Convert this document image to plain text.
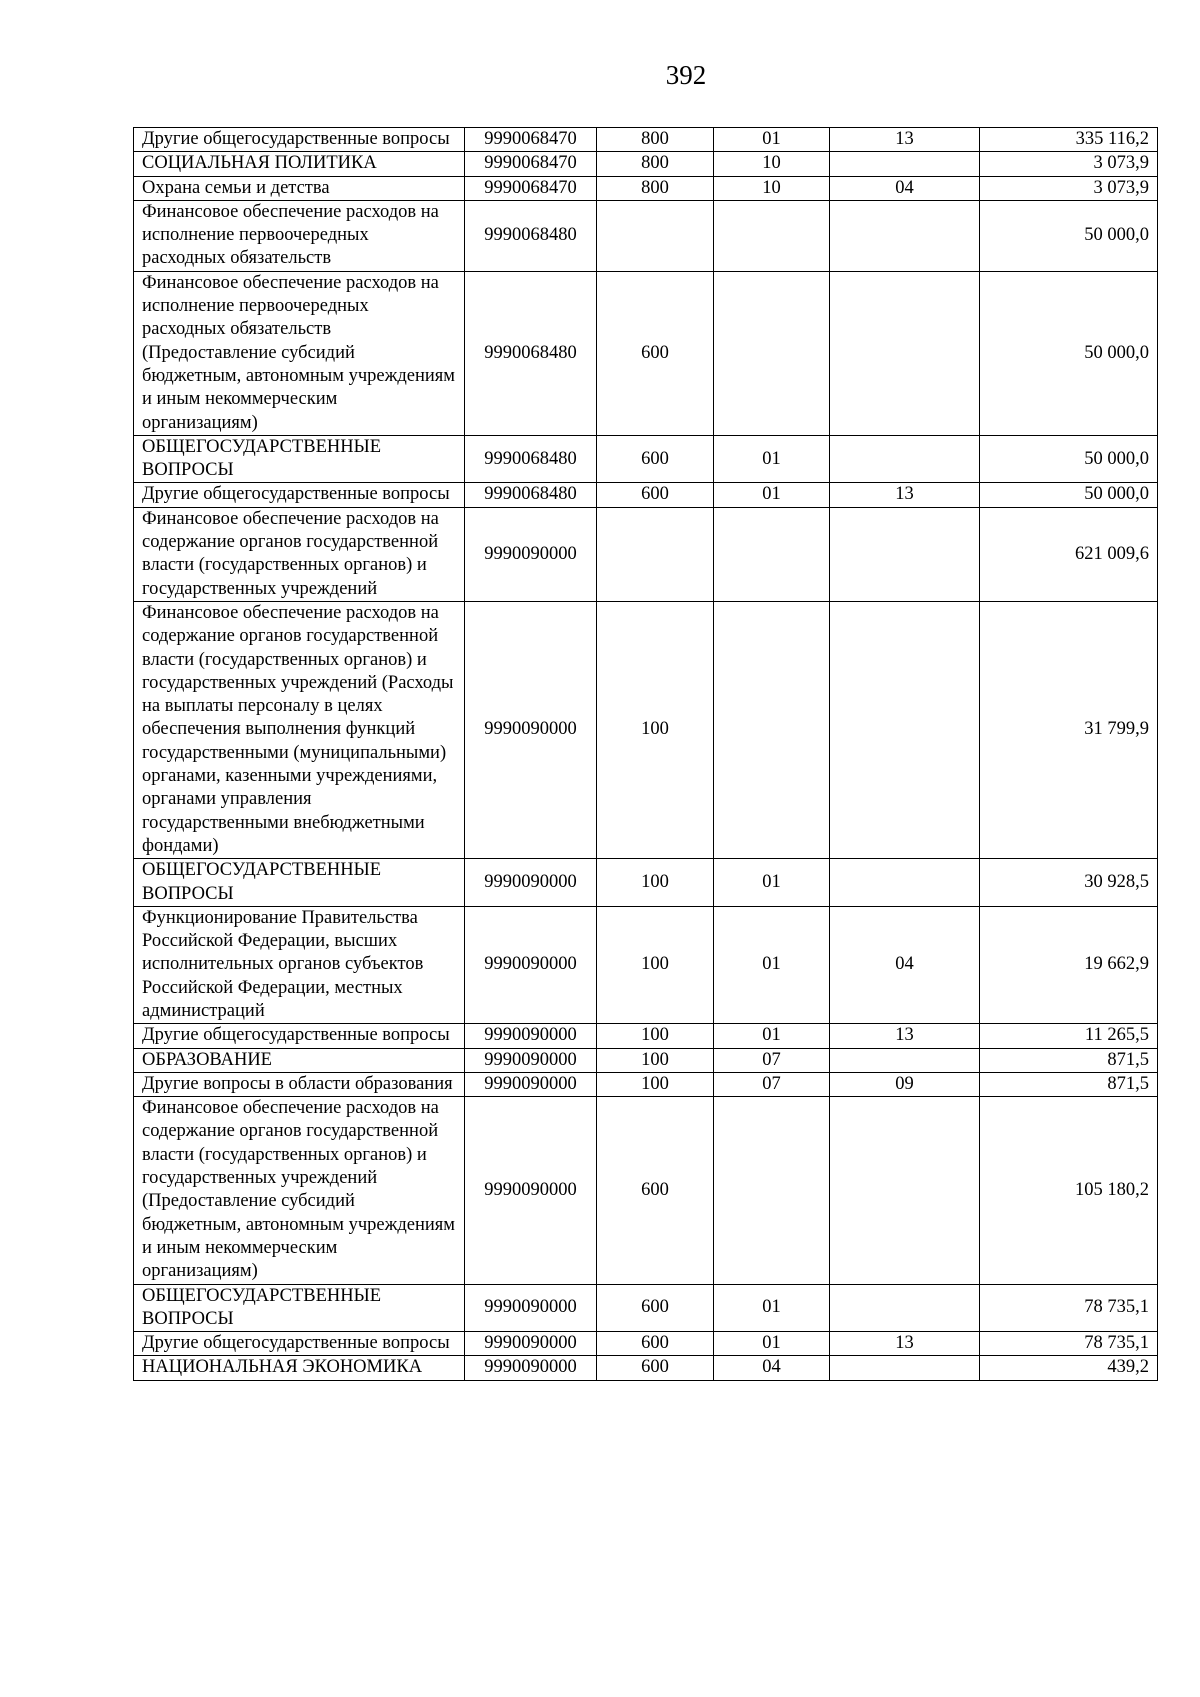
392
Другие общегосударственные вопросы	9990068470	800	01	13	335 116,2
СОЦИАЛЬНАЯ ПОЛИТИКА	9990068470	800	10		3 073,9
Охрана семьи и детства	9990068470	800	10	04	3 073,9
Финансовое обеспечение расходов на исполнение первоочередных расходных обязательств	9990068480				50 000,0
Финансовое обеспечение расходов на исполнение первоочередных расходных обязательств (Предоставление субсидий бюджетным, автономным учреждениям и иным некоммерческим организациям)	9990068480	600			50 000,0
ОБЩЕГОСУДАРСТВЕННЫЕ ВОПРОСЫ	9990068480	600	01		50 000,0
Другие общегосударственные вопросы	9990068480	600	01	13	50 000,0
Финансовое обеспечение расходов на содержание органов государственной власти (государственных органов) и государственных учреждений	9990090000				621 009,6
Финансовое обеспечение расходов на содержание органов государственной власти (государственных органов) и государственных учреждений (Расходы на выплаты персоналу в целях обеспечения выполнения функций государственными (муниципальными) органами, казенными учреждениями, органами управления государственными внебюджетными фондами)	9990090000	100			31 799,9
ОБЩЕГОСУДАРСТВЕННЫЕ ВОПРОСЫ	9990090000	100	01		30 928,5
Функционирование Правительства Российской Федерации, высших исполнительных органов субъектов Российской Федерации, местных администраций	9990090000	100	01	04	19 662,9
Другие общегосударственные вопросы	9990090000	100	01	13	11 265,5
ОБРАЗОВАНИЕ	9990090000	100	07		871,5
Другие вопросы в области образования	9990090000	100	07	09	871,5
Финансовое обеспечение расходов на содержание органов государственной власти (государственных органов) и государственных учреждений (Предоставление субсидий бюджетным, автономным учреждениям и иным некоммерческим организациям)	9990090000	600			105 180,2
ОБЩЕГОСУДАРСТВЕННЫЕ ВОПРОСЫ	9990090000	600	01		78 735,1
Другие общегосударственные вопросы	9990090000	600	01	13	78 735,1
НАЦИОНАЛЬНАЯ ЭКОНОМИКА	9990090000	600	04		439,2
